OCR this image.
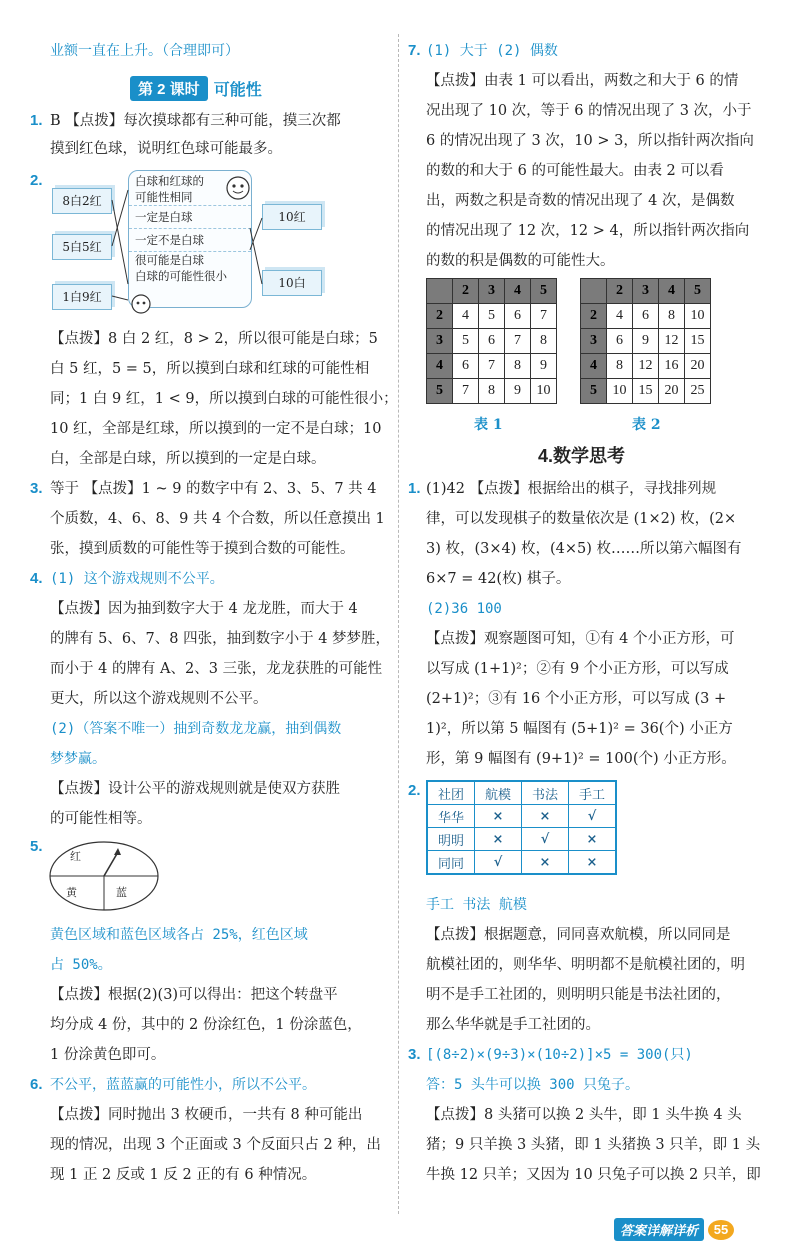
业额一直在上升。（合理即可）
第 2 课时 可能性
1. B 【点拨】每次摸球都有三种可能，摸三次都
摸到红色球，说明红色球可能最多。
2.
8白2红
5白5红
1白9红
白球和红球的
可能性相同
一定是白球
一定不是白球
很可能是白球
白球的可能性很小
10红
10白
【点拨】8 白 2 红，8 > 2，所以很可能是白球；5
白 5 红，5 = 5，所以摸到白球和红球的可能性相
同；1 白 9 红，1 < 9，所以摸到白球的可能性很小；
10 红，全部是红球，所以摸到的一定不是白球；10
白，全部是白球，所以摸到的一定是白球。
3. 等于 【点拨】1 ~ 9 的数字中有 2、3、5、7 共 4
个质数，4、6、8、9 共 4 个合数，所以任意摸出 1
张，摸到质数的可能性等于摸到合数的可能性。
4. (1) 这个游戏规则不公平。
【点拨】因为抽到数字大于 4 龙龙胜，而大于 4
的牌有 5、6、7、8 四张，抽到数字小于 4 梦梦胜，
而小于 4 的牌有 A、2、3 三张，龙龙获胜的可能性
更大，所以这个游戏规则不公平。
(2)（答案不唯一）抽到奇数龙龙赢，抽到偶数
梦梦赢。
【点拨】设计公平的游戏规则就是使双方获胜
的可能性相等。
5.
红
黄	蓝
黄色区域和蓝色区域各占 25%，红色区域
占 50%。
【点拨】根据(2)(3)可以得出：把这个转盘平
均分成 4 份，其中的 2 份涂红色，1 份涂蓝色，
1 份涂黄色即可。
6. 不公平，蓝蓝赢的可能性小，所以不公平。
【点拨】同时抛出 3 枚硬币，一共有 8 种可能出
现的情况，出现 3 个正面或 3 个反面只占 2 种，出
现 1 正 2 反或 1 反 2 正的有 6 种情况。
7. (1) 大于 (2) 偶数
【点拨】由表 1 可以看出，两数之和大于 6 的情
况出现了 10 次，等于 6 的情况出现了 3 次，小于
6 的情况出现了 3 次，10 > 3，所以指针两次指向
的数的和大于 6 的可能性最大。由表 2 可以看
出，两数之积是奇数的情况出现了 4 次，是偶数
的情况出现了 12 次，12 > 4，所以指针两次指向
的数的积是偶数的可能性大。
	2	3	4	5
2	4	5	6	7
3	5	6	7	8
4	6	7	8	9
5	7	8	9	10
表 1
	2	3	4	5
2	4	6	8	10
3	6	9	12	15
4	8	12	16	20
5	10	15	20	25
表 2
4.数学思考
1. (1)42 【点拨】根据给出的棋子，寻找排列规
律，可以发现棋子的数量依次是 (1×2) 枚，(2×
3) 枚，(3×4) 枚，(4×5) 枚……所以第六幅图有
6×7 = 42(枚) 棋子。
(2)36 100
【点拨】观察题图可知，①有 4 个小正方形，可
以写成 (1+1)²；②有 9 个小正方形，可以写成
(2+1)²；③有 16 个小正方形，可以写成 (3 +
1)²，所以第 5 幅图有 (5+1)² = 36(个) 小正方
形，第 9 幅图有 (9+1)² = 100(个) 小正方形。
2. 社团	航模	书法	手工
华华	×	×	√
明明	×	√	×
同同	√	×	×
手工 书法 航模
【点拨】根据题意，同同喜欢航模，所以同同是
航模社团的，则华华、明明都不是航模社团的，明
明不是手工社团的，则明明只能是书法社团的，
那么华华就是手工社团的。
3. [(8÷2)×(9÷3)×(10÷2)]×5 = 300(只)
答：5 头牛可以换 300 只兔子。
【点拨】8 头猪可以换 2 头牛，即 1 头牛换 4 头
猪；9 只羊换 3 头猪，即 1 头猪换 3 只羊，即 1 头
牛换 12 只羊；又因为 10 只兔子可以换 2 只羊，即
答案详解详析	55
